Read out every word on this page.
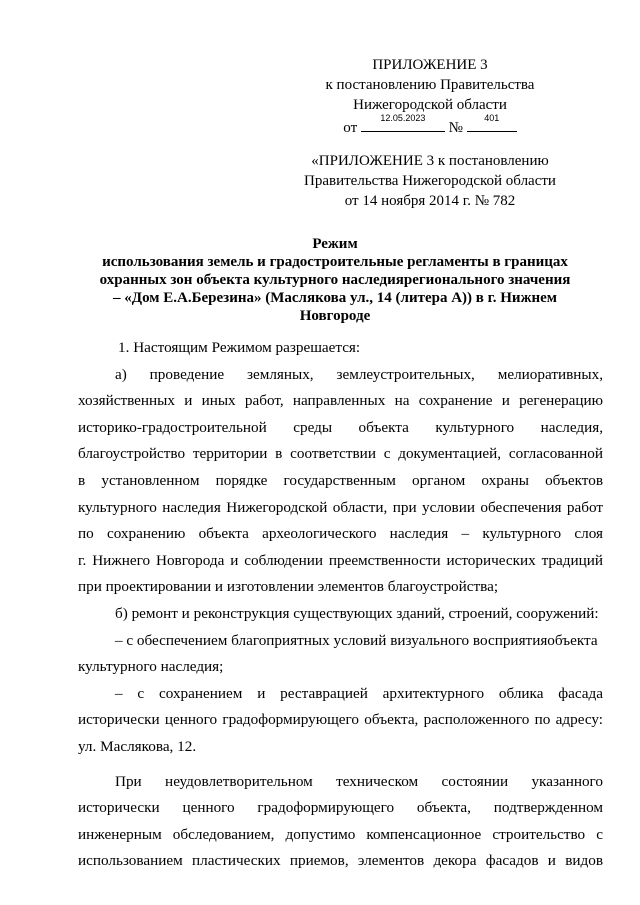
ПРИЛОЖЕНИЕ 3
к постановлению Правительства
Нижегородской области
от
12.05.2023
№
401
«ПРИЛОЖЕНИЕ 3 к постановлению Правительства Нижегородской области от 14 ноября 2014 г. № 782
Режим
использования земель и градостроительные регламенты в границах
охранных зон объекта культурного наследиярегионального значения
– «Дом Е.А.Березина» (Маслякова ул., 14 (литера А)) в г. Нижнем
Новгороде
1. Настоящим Режимом разрешается:
а) проведение земляных, землеустроительных, мелиоративных,
хозяйственных и иных работ, направленных на сохранение и регенерацию
историко-градостроительной среды объекта культурного наследия,
благоустройство территории в соответствии с документацией, согласованной
в установленном порядке государственным органом охраны объектов
культурного наследия Нижегородской области, при условии обеспечения работ
по сохранению объекта археологического наследия – культурного слоя
г. Нижнего Новгорода и соблюдении преемственности исторических традиций
при проектировании и изготовлении элементов благоустройства;
б) ремонт и реконструкция существующих зданий, строений, сооружений:
– с обеспечением благоприятных условий визуального восприятияобъекта
культурного наследия;
– с сохранением и реставрацией архитектурного облика фасада
исторически ценного градоформирующего объекта, расположенного по адресу:
ул. Маслякова, 12.
При неудовлетворительном техническом состоянии указанного
исторически ценного градоформирующего объекта, подтвержденном
инженерным обследованием, допустимо компенсационное строительство с
использованием пластических приемов, элементов декора фасадов и видов
